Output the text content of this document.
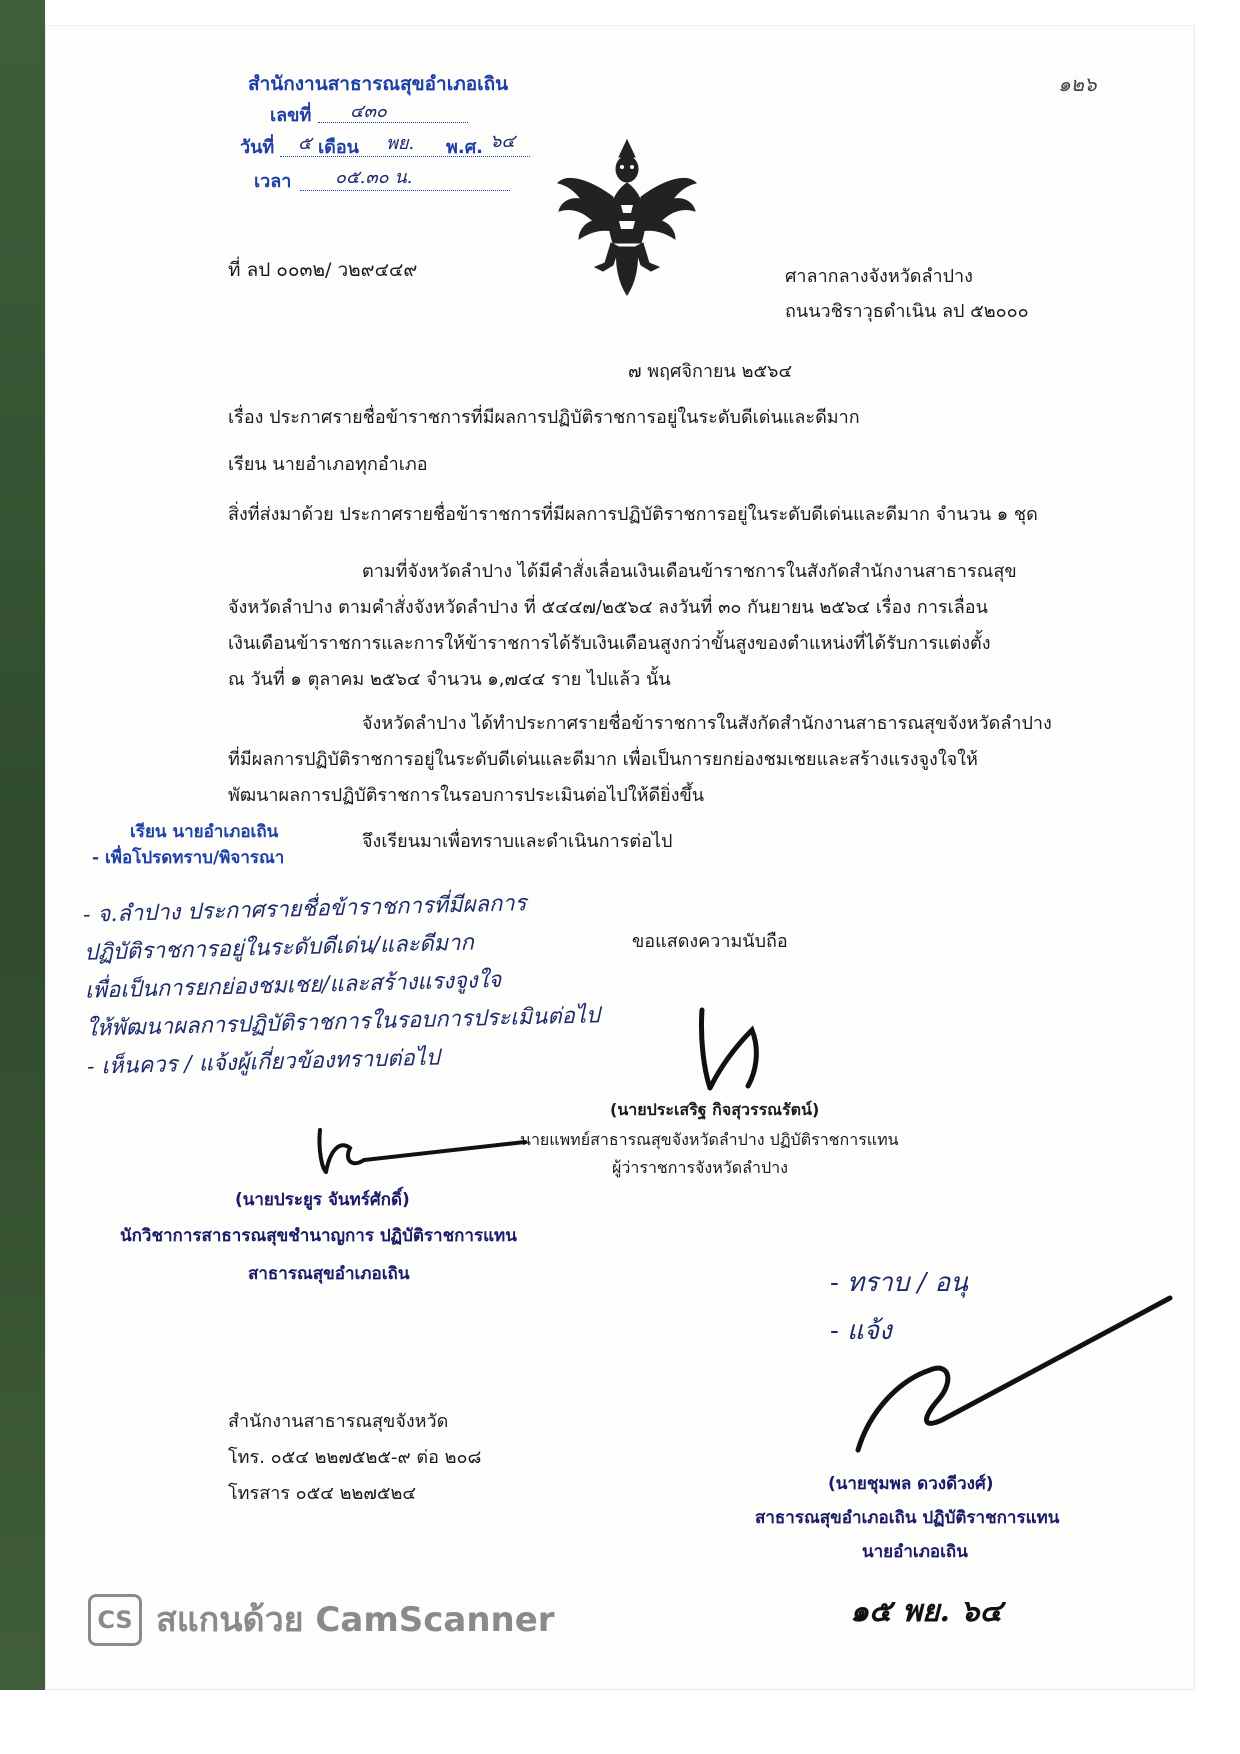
สำนักงานสาธารณสุขอำเภอเถิน
เลขที่ ๔๓๐
วันที่ ๕ เดือน พย. พ.ศ. ๖๔
เวลา ๐๕.๓๐ น.
๑๒๖
ที่ ลป ๐๐๓๒/ ว๒๙๔๔๙	ศาลากลางจังหวัดลำปาง
ถนนวชิราวุธดำเนิน ลป ๕๒๐๐๐
๗ พฤศจิกายน ๒๕๖๔
เรื่อง ประกาศรายชื่อข้าราชการที่มีผลการปฏิบัติราชการอยู่ในระดับดีเด่นและดีมาก
เรียน นายอำเภอทุกอำเภอ
สิ่งที่ส่งมาด้วย ประกาศรายชื่อข้าราชการที่มีผลการปฏิบัติราชการอยู่ในระดับดีเด่นและดีมาก จำนวน ๑ ชุด
ตามที่จังหวัดลำปาง ได้มีคำสั่งเลื่อนเงินเดือนข้าราชการในสังกัดสำนักงานสาธารณสุข
จังหวัดลำปาง ตามคำสั่งจังหวัดลำปาง ที่ ๕๔๔๗/๒๕๖๔ ลงวันที่ ๓๐ กันยายน ๒๕๖๔ เรื่อง การเลื่อน
เงินเดือนข้าราชการและการให้ข้าราชการได้รับเงินเดือนสูงกว่าขั้นสูงของตำแหน่งที่ได้รับการแต่งตั้ง
ณ วันที่ ๑ ตุลาคม ๒๕๖๔ จำนวน ๑,๗๔๔ ราย ไปแล้ว นั้น
จังหวัดลำปาง ได้ทำประกาศรายชื่อข้าราชการในสังกัดสำนักงานสาธารณสุขจังหวัดลำปาง
ที่มีผลการปฏิบัติราชการอยู่ในระดับดีเด่นและดีมาก เพื่อเป็นการยกย่องชมเชยและสร้างแรงจูงใจให้
พัฒนาผลการปฏิบัติราชการในรอบการประเมินต่อไปให้ดียิ่งขึ้น
จึงเรียนมาเพื่อทราบและดำเนินการต่อไป
เรียน นายอำเภอเถิน
- เพื่อโปรดทราบ/พิจารณา
- จ.ลำปาง ประกาศรายชื่อข้าราชการที่มีผลการ
ปฏิบัติราชการอยู่ในระดับดีเด่น/และดีมาก
เพื่อเป็นการยกย่องชมเชย/และสร้างแรงจูงใจ
ให้พัฒนาผลการปฏิบัติราชการในรอบการประเมินต่อไป
- เห็นควร / แจ้งผู้เกี่ยวข้องทราบต่อไป
ขอแสดงความนับถือ
(นายประเสริฐ กิจสุวรรณรัตน์)
นายแพทย์สาธารณสุขจังหวัดลำปาง ปฏิบัติราชการแทน
ผู้ว่าราชการจังหวัดลำปาง
(นายประยูร จันทร์ศักดิ์)
นักวิชาการสาธารณสุขชำนาญการ ปฏิบัติราชการแทน
สาธารณสุขอำเภอเถิน	- ทราบ / อนุ
- แจ้ง
(นายชุมพล ดวงดีวงศ์)
สาธารณสุขอำเภอเถิน ปฏิบัติราชการแทน
นายอำเภอเถิน
๑๕ พย. ๖๔
สำนักงานสาธารณสุขจังหวัด
โทร. ๐๕๔ ๒๒๗๕๒๕-๙ ต่อ ๒๐๘
โทรสาร ๐๕๔ ๒๒๗๕๒๔
CS สแกนด้วย CamScanner
